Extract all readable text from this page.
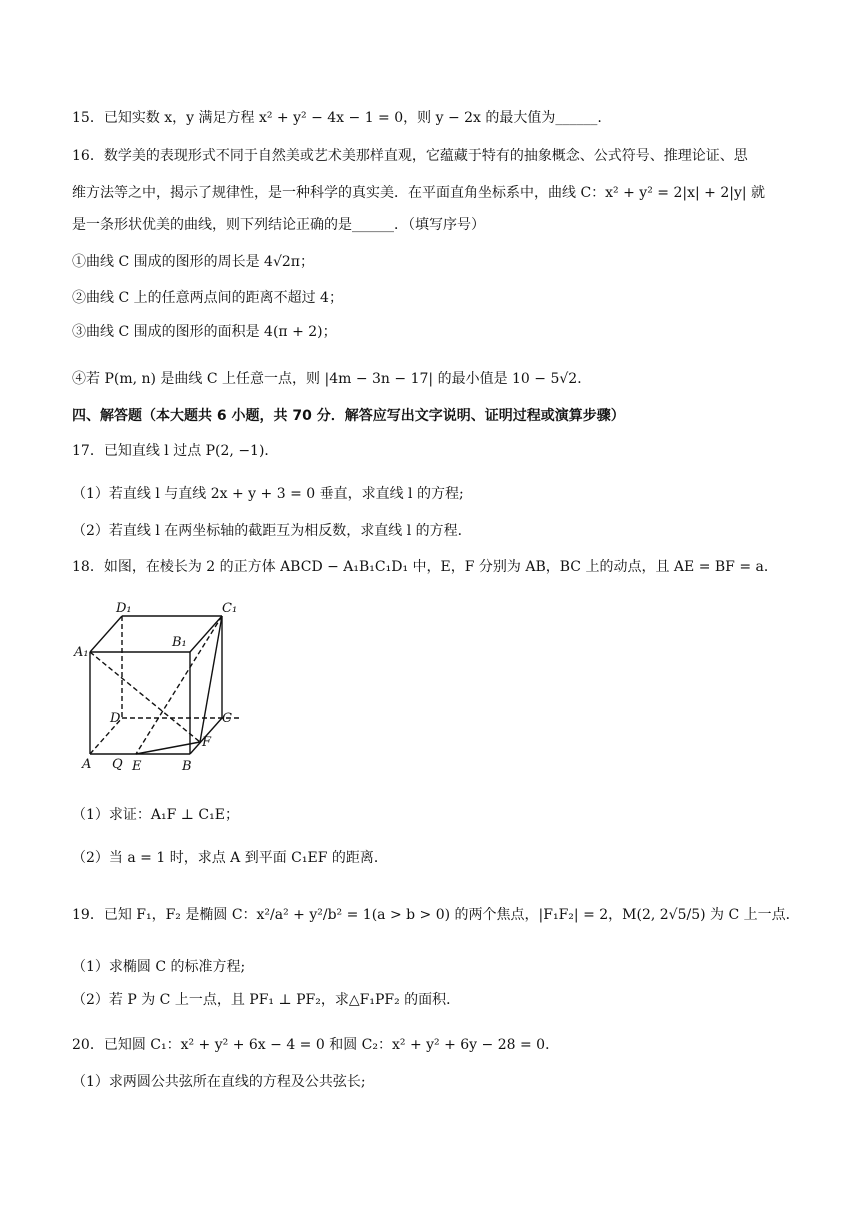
15．已知实数 x，y 满足方程 x² + y² − 4x − 1 = 0，则 y − 2x 的最大值为______.
16．数学美的表现形式不同于自然美或艺术美那样直观，它蕴藏于特有的抽象概念、公式符号、推理论证、思
维方法等之中，揭示了规律性，是一种科学的真实美．在平面直角坐标系中，曲线 C：x² + y² = 2|x| + 2|y| 就
是一条形状优美的曲线，则下列结论正确的是______．（填写序号）
①曲线 C 围成的图形的周长是 4√2π；
②曲线 C 上的任意两点间的距离不超过 4；
③曲线 C 围成的图形的面积是 4(π + 2)；
④若 P(m, n) 是曲线 C 上任意一点，则 |4m − 3n − 17| 的最小值是 10 − 5√2．
四、解答题（本大题共 6 小题，共 70 分．解答应写出文字说明、证明过程或演算步骤）
17．已知直线 l 过点 P(2, −1)．
（1）若直线 l 与直线 2x + y + 3 = 0 垂直，求直线 l 的方程;
（2）若直线 l 在两坐标轴的截距互为相反数，求直线 l 的方程．
18．如图，在棱长为 2 的正方体 ABCD − A₁B₁C₁D₁ 中，E，F 分别为 AB，BC 上的动点，且 AE = BF = a．
D₁	C₁
A₁
B₁
D	C
A Q E	B
F
（1）求证：A₁F ⊥ C₁E；
（2）当 a = 1 时，求点 A 到平面 C₁EF 的距离．
19．已知 F₁，F₂ 是椭圆 C：x²/a² + y²/b² = 1(a > b > 0) 的两个焦点，|F₁F₂| = 2，M(2, 2√5/5) 为 C 上一点．
（1）求椭圆 C 的标准方程;
（2）若 P 为 C 上一点，且 PF₁ ⊥ PF₂，求△F₁PF₂ 的面积．
20．已知圆 C₁：x² + y² + 6x − 4 = 0 和圆 C₂：x² + y² + 6y − 28 = 0．
（1）求两圆公共弦所在直线的方程及公共弦长;
